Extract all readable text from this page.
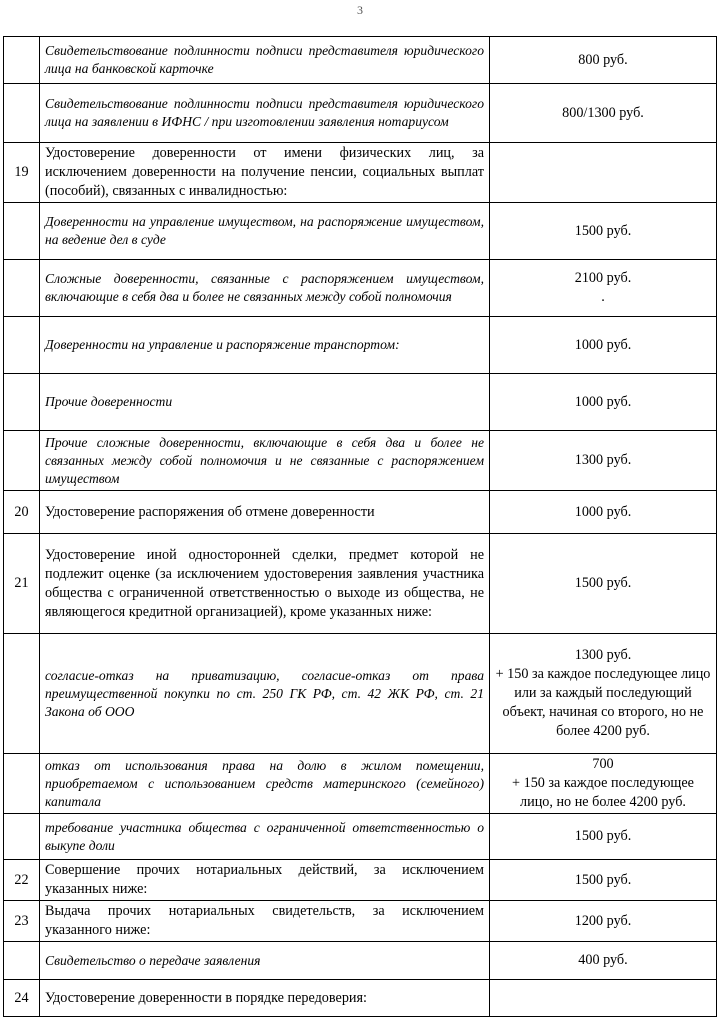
3
	Свидетельствование подлинности подписи представителя юридического лица на банковской карточке	800 руб.
	Свидетельствование подлинности подписи представителя юридического лица на заявлении в ИФНС / при изготовлении заявления нотариусом	800/1300 руб.
19	Удостоверение доверенности от имени физических лиц, за исключением доверенности на получение пенсии, социальных выплат (пособий), связанных с инвалидностью:	
	Доверенности на управление имуществом, на распоряжение имуществом, на ведение дел в суде	1500 руб.
	Сложные доверенности, связанные с распоряжением имуществом, включающие в себя два и более не связанных между собой полномочия	2100 руб.
.

	Доверенности на управление и распоряжение транспортом:	1000 руб.
	Прочие доверенности	1000 руб.
	Прочие сложные доверенности, включающие в себя два и более не связанных между собой полномочия и не связанные с распоряжением имуществом	1300 руб.
20	Удостоверение распоряжения об отмене доверенности	1000 руб.
21	Удостоверение иной односторонней сделки, предмет которой не подлежит оценке (за исключением удостоверения заявления участника общества с ограниченной ответственностью о выходе из общества, не являющегося кредитной организацией), кроме указанных ниже:	1500 руб.
	согласие-отказ на приватизацию, согласие-отказ от права преимущественной покупки по ст. 250 ГК РФ, ст. 42 ЖК РФ, ст. 21 Закона об ООО	1300 руб.
+ 150 за каждое последующее лицо или за каждый последующий объект, начиная со второго, но не более 4200 руб.

	отказ от использования права на долю в жилом помещении, приобретаемом с использованием средств материнского (семейного) капитала	700
+ 150 за каждое последующее лицо, но не более 4200 руб.

	требование участника общества с ограниченной ответственностью о выкупе доли	1500 руб.
22	Совершение прочих нотариальных действий, за исключением указанных ниже:	1500 руб.
23	Выдача прочих нотариальных свидетельств, за исключением указанного ниже:	1200 руб.
	Свидетельство о передаче заявления	400 руб.
24	Удостоверение доверенности в порядке передоверия:	
